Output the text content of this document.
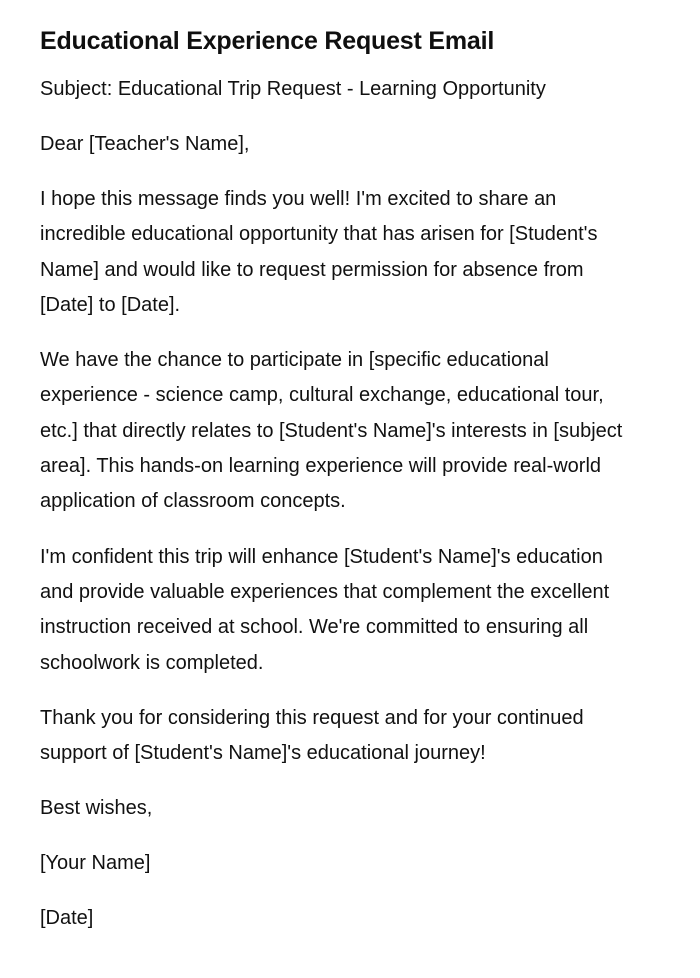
Educational Experience Request Email

Subject: Educational Trip Request - Learning Opportunity

Dear [Teacher's Name],

I hope this message finds you well! I'm excited to share an incredible educational opportunity that has arisen for [Student's Name] and would like to request permission for absence from [Date] to [Date].

We have the chance to participate in [specific educational experience - science camp, cultural exchange, educational tour, etc.] that directly relates to [Student's Name]'s interests in [subject area]. This hands-on learning experience will provide real-world application of classroom concepts.

I'm confident this trip will enhance [Student's Name]'s education and provide valuable experiences that complement the excellent instruction received at school. We're committed to ensuring all schoolwork is completed.

Thank you for considering this request and for your continued support of [Student's Name]'s educational journey!

Best wishes,

[Your Name]

[Date]
